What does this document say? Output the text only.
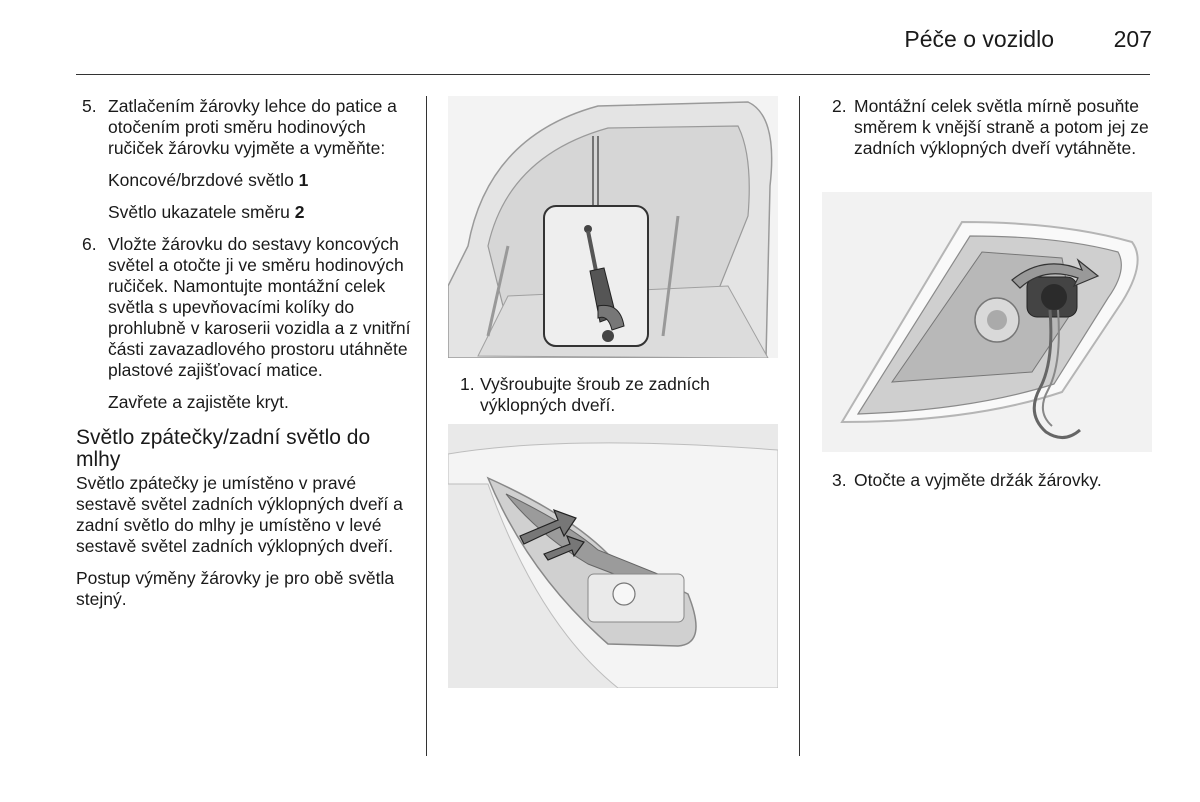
Péče o vozidlo	207
5. Zatlačením žárovky lehce do patice a otočením proti směru hodinových ručiček žárovku vyjměte a vyměňte:

Koncové/brzdové světlo 1

Světlo ukazatele směru 2

6. Vložte žárovku do sestavy koncových světel a otočte ji ve směru hodinových ručiček. Namontujte montážní celek světla s upevňovacími kolíky do prohlubně v karoserii vozidla a z vnitřní části zavazadlového prostoru utáhněte plastové zajišťovací matice.

Zavřete a zajistěte kryt.

Světlo zpátečky/zadní světlo do mlhy

Světlo zpátečky je umístěno v pravé sestavě světel zadních výklopných dveří a zadní světlo do mlhy je umístěno v levé sestavě světel zadních výklopných dveří.

Postup výměny žárovky je pro obě světla stejný.

1. Vyšroubujte šroub ze zadních výklopných dveří.
2. Montážní celek světla mírně posuňte směrem k vnější straně a potom jej ze zadních výklopných dveří vytáhněte.
3. Otočte a vyjměte držák žárovky.
